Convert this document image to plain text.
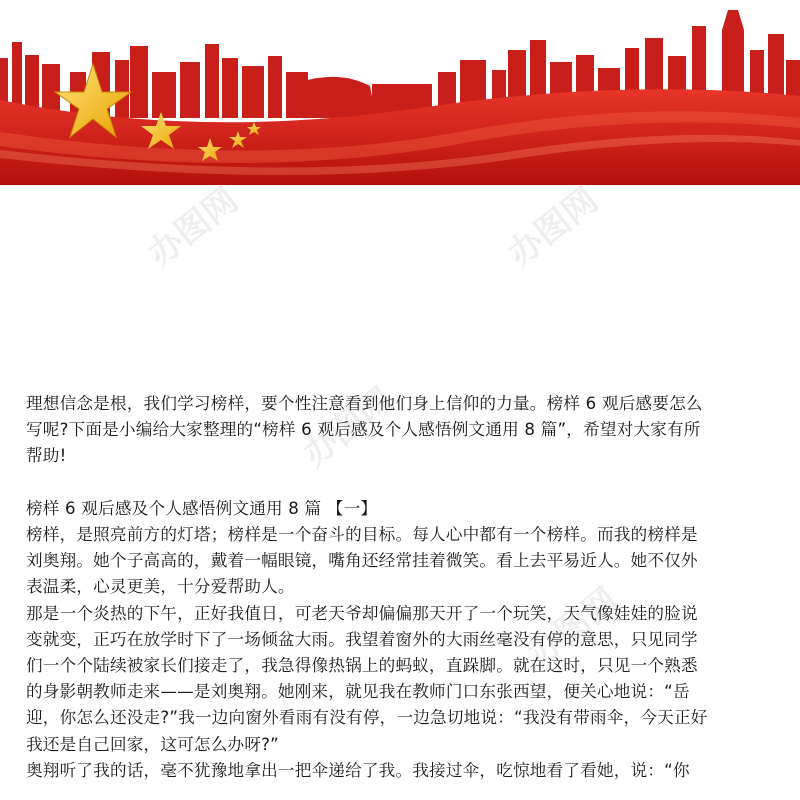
办图网	办图网
办图网
办图网

理想信念是根，我们学习榜样，要个性注意看到他们身上信仰的力量。榜样 6 观后感要怎么
写呢?下面是小编给大家整理的“榜样 6 观后感及个人感悟例文通用 8 篇”，希望对大家有所
帮助!

榜样 6 观后感及个人感悟例文通用 8 篇 【一】

榜样，是照亮前方的灯塔；榜样是一个奋斗的目标。每人心中都有一个榜样。而我的榜样是
刘奥翔。她个子高高的，戴着一幅眼镜，嘴角还经常挂着微笑。看上去平易近人。她不仅外
表温柔，心灵更美，十分爱帮助人。

那是一个炎热的下午，正好我值日，可老天爷却偏偏那天开了一个玩笑，天气像娃娃的脸说
变就变，正巧在放学时下了一场倾盆大雨。我望着窗外的大雨丝毫没有停的意思，只见同学
们一个个陆续被家长们接走了，我急得像热锅上的蚂蚁，直跺脚。就在这时，只见一个熟悉
的身影朝教师走来——是刘奥翔。她刚来，就见我在教师门口东张西望，便关心地说：“岳
迎，你怎么还没走?”我一边向窗外看雨有没有停，一边急切地说：“我没有带雨伞，今天正好
我还是自己回家，这可怎么办呀?”
奥翔听了我的话，毫不犹豫地拿出一把伞递给了我。我接过伞，吃惊地看了看她，说：“你
